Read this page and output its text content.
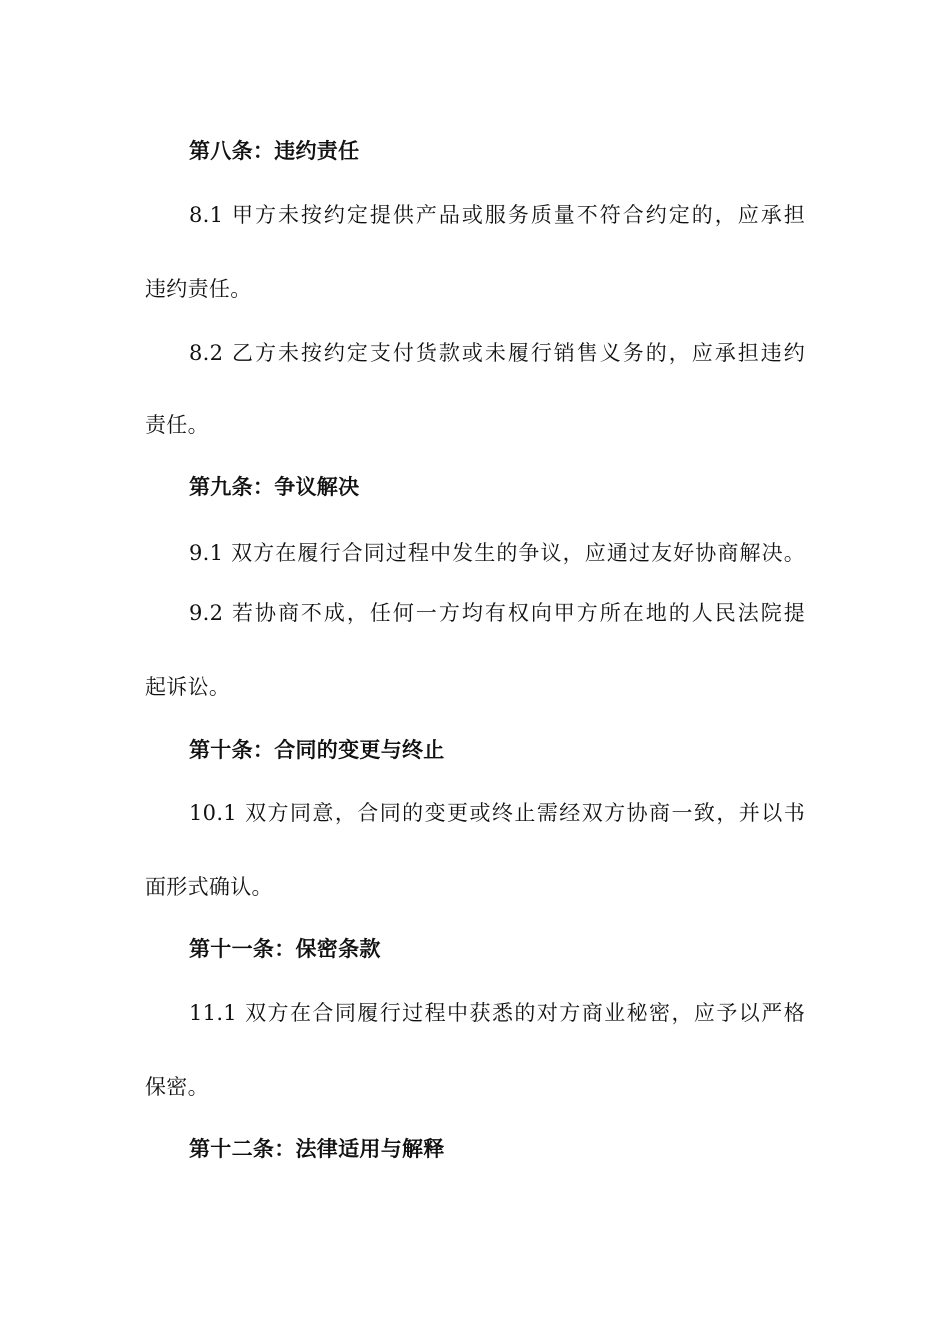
第八条：违约责任
8.1 甲方未按约定提供产品或服务质量不符合约定的，应承担
违约责任。
8.2 乙方未按约定支付货款或未履行销售义务的，应承担违约
责任。
第九条：争议解决
9.1 双方在履行合同过程中发生的争议，应通过友好协商解决。
9.2 若协商不成，任何一方均有权向甲方所在地的人民法院提
起诉讼。
第十条：合同的变更与终止
10.1 双方同意，合同的变更或终止需经双方协商一致，并以书
面形式确认。
第十一条：保密条款
11.1 双方在合同履行过程中获悉的对方商业秘密，应予以严格
保密。
第十二条：法律适用与解释
